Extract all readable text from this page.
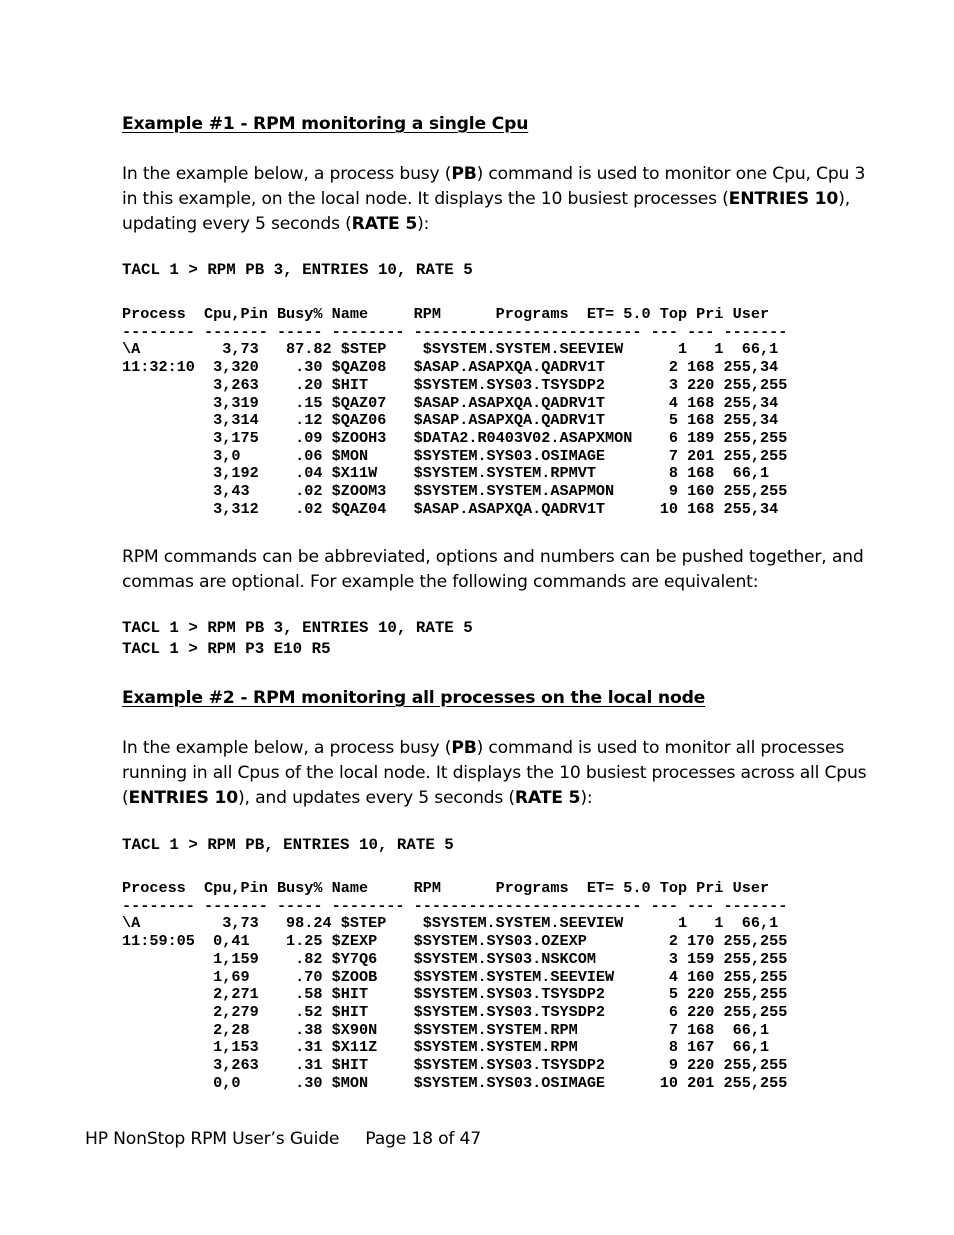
Example #1 - RPM monitoring a single Cpu
In the example below, a process busy (PB) command is used to monitor one Cpu, Cpu 3 in this example, on the local node. It displays the 10 busiest processes (ENTRIES 10), updating every 5 seconds (RATE 5):
TACL 1 > RPM PB 3, ENTRIES 10, RATE 5
Process  Cpu,Pin Busy% Name     RPM      Programs  ET= 5.0 Top Pri User
-------- ------- ----- -------- ------------------------- --- --- -------
\A         3,73   87.82 $STEP    $SYSTEM.SYSTEM.SEEVIEW      1   1  66,1
11:32:10  3,320    .30 $QAZ08   $ASAP.ASAPXQA.QADRV1T       2 168 255,34
3,263    .20 $HIT     $SYSTEM.SYS03.TSYSDP2       3 220 255,255
3,319    .15 $QAZ07   $ASAP.ASAPXQA.QADRV1T       4 168 255,34
3,314    .12 $QAZ06   $ASAP.ASAPXQA.QADRV1T       5 168 255,34
3,175    .09 $ZOOH3   $DATA2.R0403V02.ASAPXMON    6 189 255,255
3,0      .06 $MON     $SYSTEM.SYS03.OSIMAGE       7 201 255,255
3,192    .04 $X11W    $SYSTEM.SYSTEM.RPMVT        8 168  66,1
3,43     .02 $ZOOM3   $SYSTEM.SYSTEM.ASAPMON      9 160 255,255
3,312    .02 $QAZ04   $ASAP.ASAPXQA.QADRV1T      10 168 255,34
RPM commands can be abbreviated, options and numbers can be pushed together, and commas are optional. For example the following commands are equivalent:
TACL 1 > RPM PB 3, ENTRIES 10, RATE 5
TACL 1 > RPM P3 E10 R5
Example #2 - RPM monitoring all processes on the local node
In the example below, a process busy (PB) command is used to monitor all processes running in all Cpus of the local node. It displays the 10 busiest processes across all Cpus (ENTRIES 10), and updates every 5 seconds (RATE 5):
TACL 1 > RPM PB, ENTRIES 10, RATE 5
Process  Cpu,Pin Busy% Name     RPM      Programs  ET= 5.0 Top Pri User
-------- ------- ----- -------- ------------------------- --- --- -------
\A         3,73   98.24 $STEP    $SYSTEM.SYSTEM.SEEVIEW      1   1  66,1
11:59:05  0,41    1.25 $ZEXP    $SYSTEM.SYS03.OZEXP         2 170 255,255
1,159    .82 $Y7Q6    $SYSTEM.SYS03.NSKCOM        3 159 255,255
1,69     .70 $ZOOB    $SYSTEM.SYSTEM.SEEVIEW      4 160 255,255
2,271    .58 $HIT     $SYSTEM.SYS03.TSYSDP2       5 220 255,255
2,279    .52 $HIT     $SYSTEM.SYS03.TSYSDP2       6 220 255,255
2,28     .38 $X90N    $SYSTEM.SYSTEM.RPM          7 168  66,1
1,153    .31 $X11Z    $SYSTEM.SYSTEM.RPM          8 167  66,1
3,263    .31 $HIT     $SYSTEM.SYS03.TSYSDP2       9 220 255,255
0,0      .30 $MON     $SYSTEM.SYS03.OSIMAGE      10 201 255,255
HP NonStop RPM User’s Guide Page 18 of 47
